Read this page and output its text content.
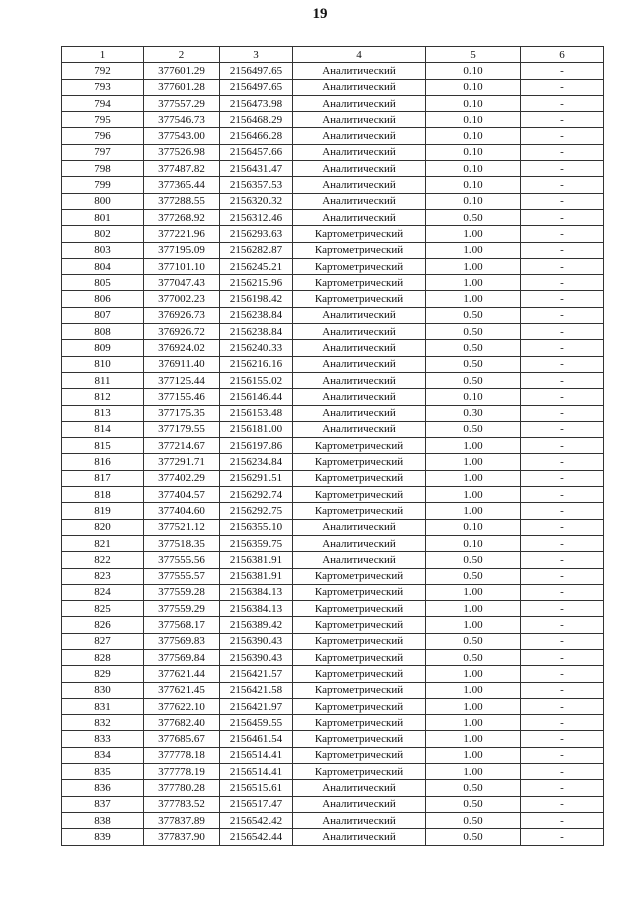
19
1	2	3	4	5	6
792	377601.29	2156497.65	Аналитический	0.10	-
793	377601.28	2156497.65	Аналитический	0.10	-
794	377557.29	2156473.98	Аналитический	0.10	-
795	377546.73	2156468.29	Аналитический	0.10	-
796	377543.00	2156466.28	Аналитический	0.10	-
797	377526.98	2156457.66	Аналитический	0.10	-
798	377487.82	2156431.47	Аналитический	0.10	-
799	377365.44	2156357.53	Аналитический	0.10	-
800	377288.55	2156320.32	Аналитический	0.10	-
801	377268.92	2156312.46	Аналитический	0.50	-
802	377221.96	2156293.63	Картометрический	1.00	-
803	377195.09	2156282.87	Картометрический	1.00	-
804	377101.10	2156245.21	Картометрический	1.00	-
805	377047.43	2156215.96	Картометрический	1.00	-
806	377002.23	2156198.42	Картометрический	1.00	-
807	376926.73	2156238.84	Аналитический	0.50	-
808	376926.72	2156238.84	Аналитический	0.50	-
809	376924.02	2156240.33	Аналитический	0.50	-
810	376911.40	2156216.16	Аналитический	0.50	-
811	377125.44	2156155.02	Аналитический	0.50	-
812	377155.46	2156146.44	Аналитический	0.10	-
813	377175.35	2156153.48	Аналитический	0.30	-
814	377179.55	2156181.00	Аналитический	0.50	-
815	377214.67	2156197.86	Картометрический	1.00	-
816	377291.71	2156234.84	Картометрический	1.00	-
817	377402.29	2156291.51	Картометрический	1.00	-
818	377404.57	2156292.74	Картометрический	1.00	-
819	377404.60	2156292.75	Картометрический	1.00	-
820	377521.12	2156355.10	Аналитический	0.10	-
821	377518.35	2156359.75	Аналитический	0.10	-
822	377555.56	2156381.91	Аналитический	0.50	-
823	377555.57	2156381.91	Картометрический	0.50	-
824	377559.28	2156384.13	Картометрический	1.00	-
825	377559.29	2156384.13	Картометрический	1.00	-
826	377568.17	2156389.42	Картометрический	1.00	-
827	377569.83	2156390.43	Картометрический	0.50	-
828	377569.84	2156390.43	Картометрический	0.50	-
829	377621.44	2156421.57	Картометрический	1.00	-
830	377621.45	2156421.58	Картометрический	1.00	-
831	377622.10	2156421.97	Картометрический	1.00	-
832	377682.40	2156459.55	Картометрический	1.00	-
833	377685.67	2156461.54	Картометрический	1.00	-
834	377778.18	2156514.41	Картометрический	1.00	-
835	377778.19	2156514.41	Картометрический	1.00	-
836	377780.28	2156515.61	Аналитический	0.50	-
837	377783.52	2156517.47	Аналитический	0.50	-
838	377837.89	2156542.42	Аналитический	0.50	-
839	377837.90	2156542.44	Аналитический	0.50	-
